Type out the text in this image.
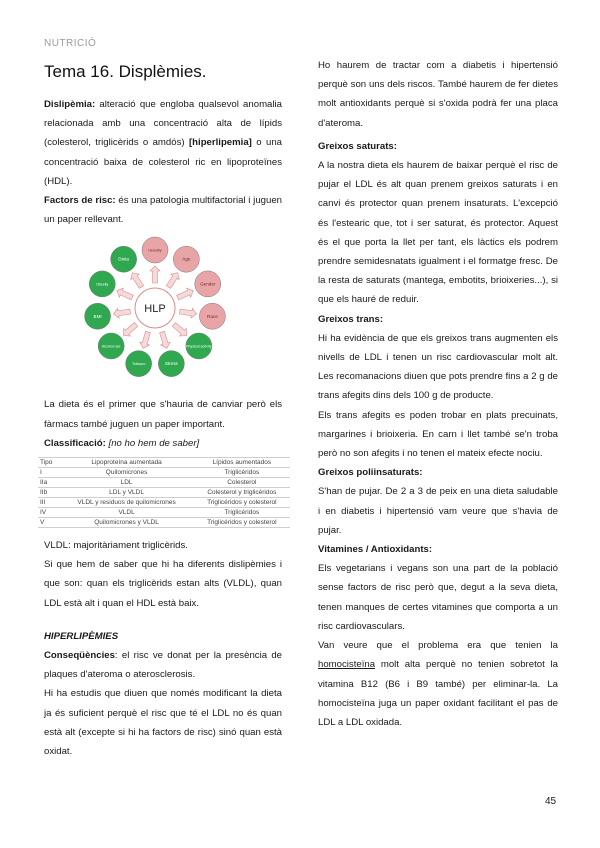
NUTRICIÓ
Tema 16. Displèmies.

Dislipèmia: alteració que engloba qualsevol anomalia relacionada amb una concentració alta de lípids (colesterol, triglicèrids o amdós) [hiperlipemia] o una concentració baixa de colesterol ric en lipoproteïnes (HDL).

Factors de risc: és una patologia multifactorial i juguen un paper rellevant.

Heredity
Age
Gender
Race
Physical activity
Stress
Tobacco
Alcohol use
BMI
Obesity
Dieta
HLP

La dieta és el primer que s'hauria de canviar però els fàrmacs també juguen un paper important.

Classificació: [no ho hem de saber]

Tipo	Lipoproteína aumentada	Lípidos aumentados
I	Quilomicrones	Triglicéridos
IIa	LDL	Colesterol
IIb	LDL y VLDL	Colesterol y triglicéridos
III	VLDL y residuos de quilomicrones	Triglicéridos y colesterol
IV	VLDL	Triglicéridos
V	Quilomicrones y VLDL	Triglicéridos y colesterol

VLDL: majoritàriament triglicèrids.

Si que hem de saber que hi ha diferents dislipèmies i que son: quan els triglicèrids estan alts (VLDL), quan LDL està alt i quan el HDL està baix.

HIPERLIPÈMIES

Conseqüències: el risc ve donat per la presència de plaques d'ateroma o aterosclerosis.

Hi ha estudis que diuen que només modificant la dieta ja és suficient perquè el risc que té el LDL no és quan està alt (excepte si hi ha factors de risc) sinó quan està oxidat.

Ho haurem de tractar com a diabetis i hipertensió perquè son uns dels riscos. També haurem de fer dietes molt antioxidants perquè si s'oxida podrà fer una placa d'ateroma.

Greixos saturats:

A la nostra dieta els haurem de baixar perquè el risc de pujar el LDL és alt quan prenem greixos saturats i en canvi és protector quan prenem insaturats. L'excepció és l'estearic que, tot i ser saturat, és protector. Aquest és el que porta la llet per tant, els làctics els podrem prendre semidesnatats igualment i el formatge fresc. De la resta de saturats (mantega, embotits, brioixeries...), si que els hauré de reduir.

Greixos trans:

Hi ha evidència de que els greixos trans augmenten els nivells de LDL i tenen un risc cardiovascular molt alt. Les recomanacions diuen que pots prendre fins a 2 g de trans afegits dins dels 100 g de producte.

Els trans afegits es poden trobar en plats precuinats, margarines i brioixeria. En carn i llet també se'n troba però no son afegits i no tenen el mateix efecte nociu.

Greixos poliinsaturats:

S'han de pujar. De 2 a 3 de peix en una dieta saludable i en diabetis i hipertensió vam veure que s'havia de pujar.

Vitamines / Antioxidants:

Els vegetarians i vegans son una part de la població sense factors de risc però que, degut a la seva dieta, tenen manques de certes vitamines que comporta a un risc cardiovasculars.

Van veure que el problema era que tenien la homocisteïna molt alta perquè no tenien sobretot la vitamina B12 (B6 i B9 també) per eliminar-la. La homocisteïna juga un paper oxidant facilitant el pas de LDL a LDL oxidada.

45
